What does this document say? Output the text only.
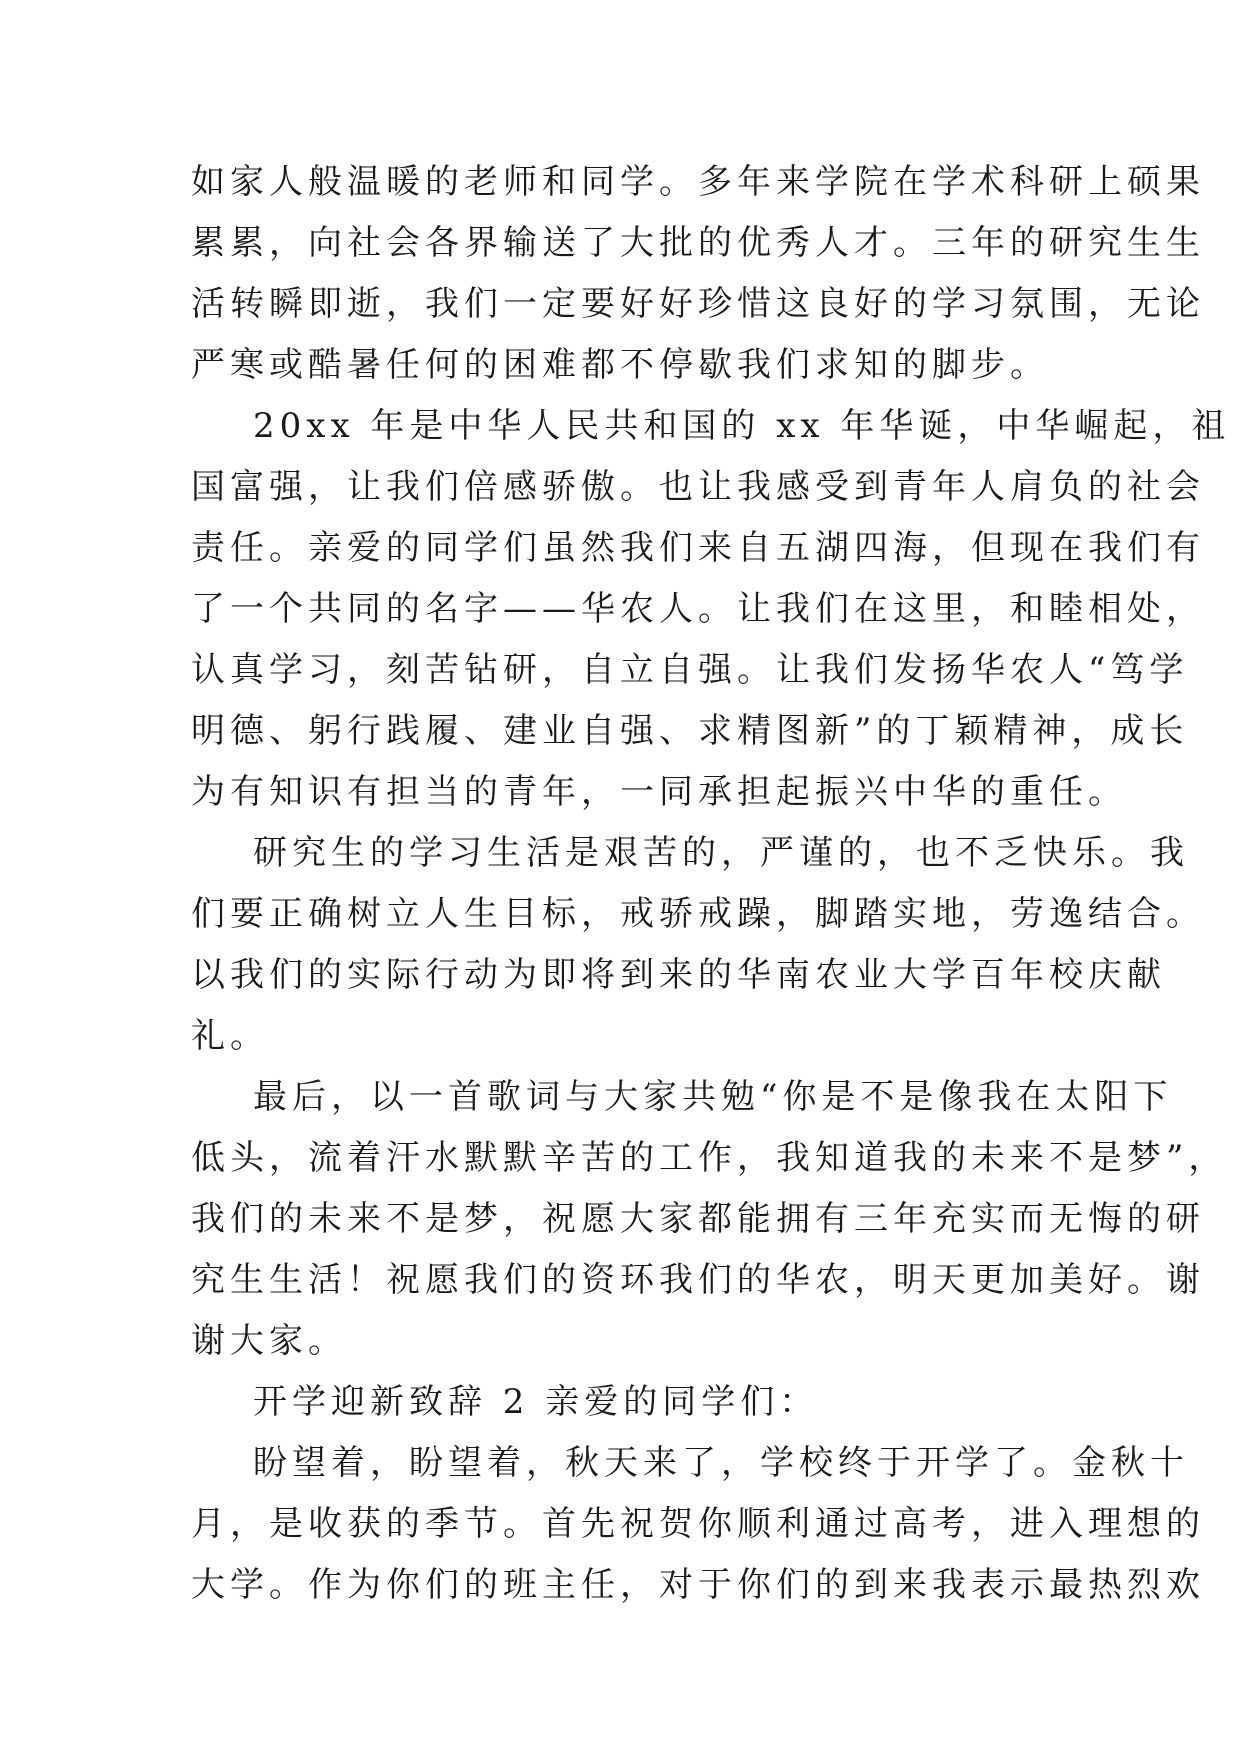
如家人般温暖的老师和同学。多年来学院在学术科研上硕果
累累，向社会各界输送了大批的优秀人才。三年的研究生生
活转瞬即逝，我们一定要好好珍惜这良好的学习氛围，无论
严寒或酷暑任何的困难都不停歇我们求知的脚步。
20xx 年是中华人民共和国的 xx 年华诞，中华崛起，祖
国富强，让我们倍感骄傲。也让我感受到青年人肩负的社会
责任。亲爱的同学们虽然我们来自五湖四海，但现在我们有
了一个共同的名字——华农人。让我们在这里，和睦相处，
认真学习，刻苦钻研，自立自强。让我们发扬华农人“笃学
明德、躬行践履、建业自强、求精图新”的丁颖精神，成长
为有知识有担当的青年，一同承担起振兴中华的重任。
研究生的学习生活是艰苦的，严谨的，也不乏快乐。我
们要正确树立人生目标，戒骄戒躁，脚踏实地，劳逸结合。
以我们的实际行动为即将到来的华南农业大学百年校庆献
礼。
最后，以一首歌词与大家共勉“你是不是像我在太阳下
低头，流着汗水默默辛苦的工作，我知道我的未来不是梦”，
我们的未来不是梦，祝愿大家都能拥有三年充实而无悔的研
究生生活！祝愿我们的资环我们的华农，明天更加美好。谢
谢大家。
开学迎新致辞 2 亲爱的同学们：
盼望着，盼望着，秋天来了，学校终于开学了。金秋十
月，是收获的季节。首先祝贺你顺利通过高考，进入理想的
大学。作为你们的班主任，对于你们的到来我表示最热烈欢
